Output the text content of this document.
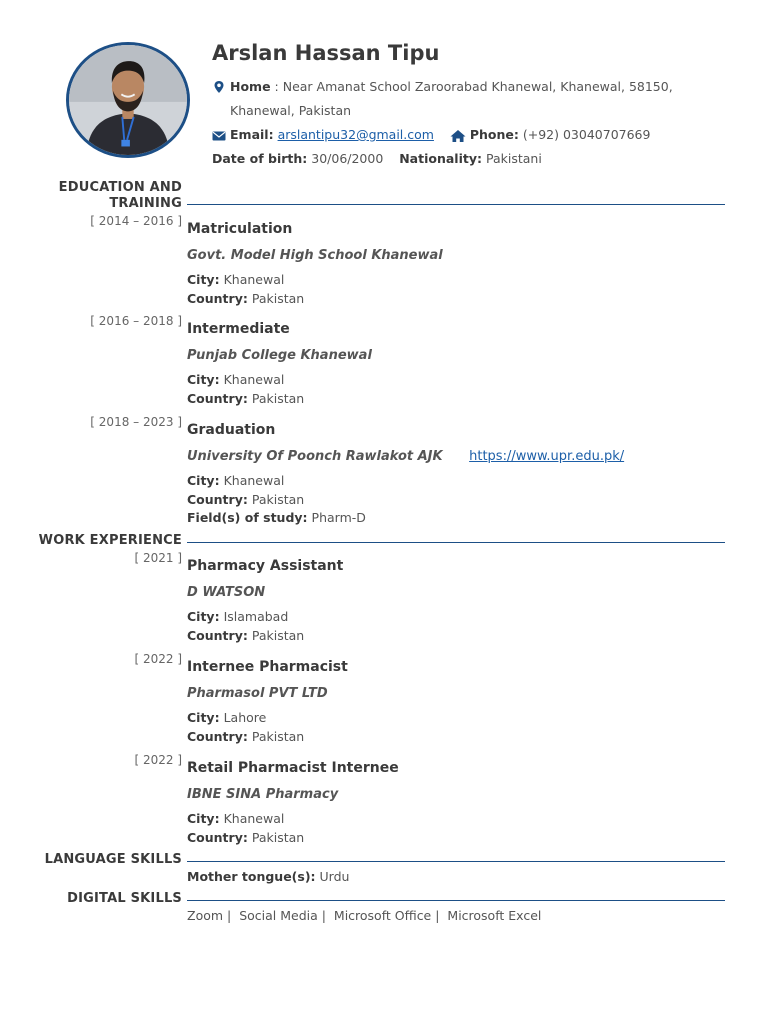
Arslan Hassan Tipu
Home : Near Amanat School Zaroorabad Khanewal, Khanewal, 58150, Khanewal, Pakistan
Email: arslantipu32@gmail.com	Phone: (+92) 03040707669
Date of birth: 30/06/2000 Nationality: Pakistani
EDUCATION AND TRAINING
[ 2014 – 2016 ] Matriculation
Govt. Model High School Khanewal
City: Khanewal
Country: Pakistan
[ 2016 – 2018 ] Intermediate
Punjab College Khanewal
City: Khanewal
Country: Pakistan
[ 2018 – 2023 ] Graduation
University Of Poonch Rawlakot AJK https://www.upr.edu.pk/
City: Khanewal
Country: Pakistan
Field(s) of study: Pharm-D
WORK EXPERIENCE
[ 2021 ] Pharmacy Assistant
D WATSON
City: Islamabad
Country: Pakistan
[ 2022 ] Internee Pharmacist
Pharmasol PVT LTD
City: Lahore
Country: Pakistan
[ 2022 ] Retail Pharmacist Internee
IBNE SINA Pharmacy
City: Khanewal
Country: Pakistan
LANGUAGE SKILLS
Mother tongue(s): Urdu
DIGITAL SKILLS
Zoom |  Social Media |  Microsoft Office |  Microsoft Excel
